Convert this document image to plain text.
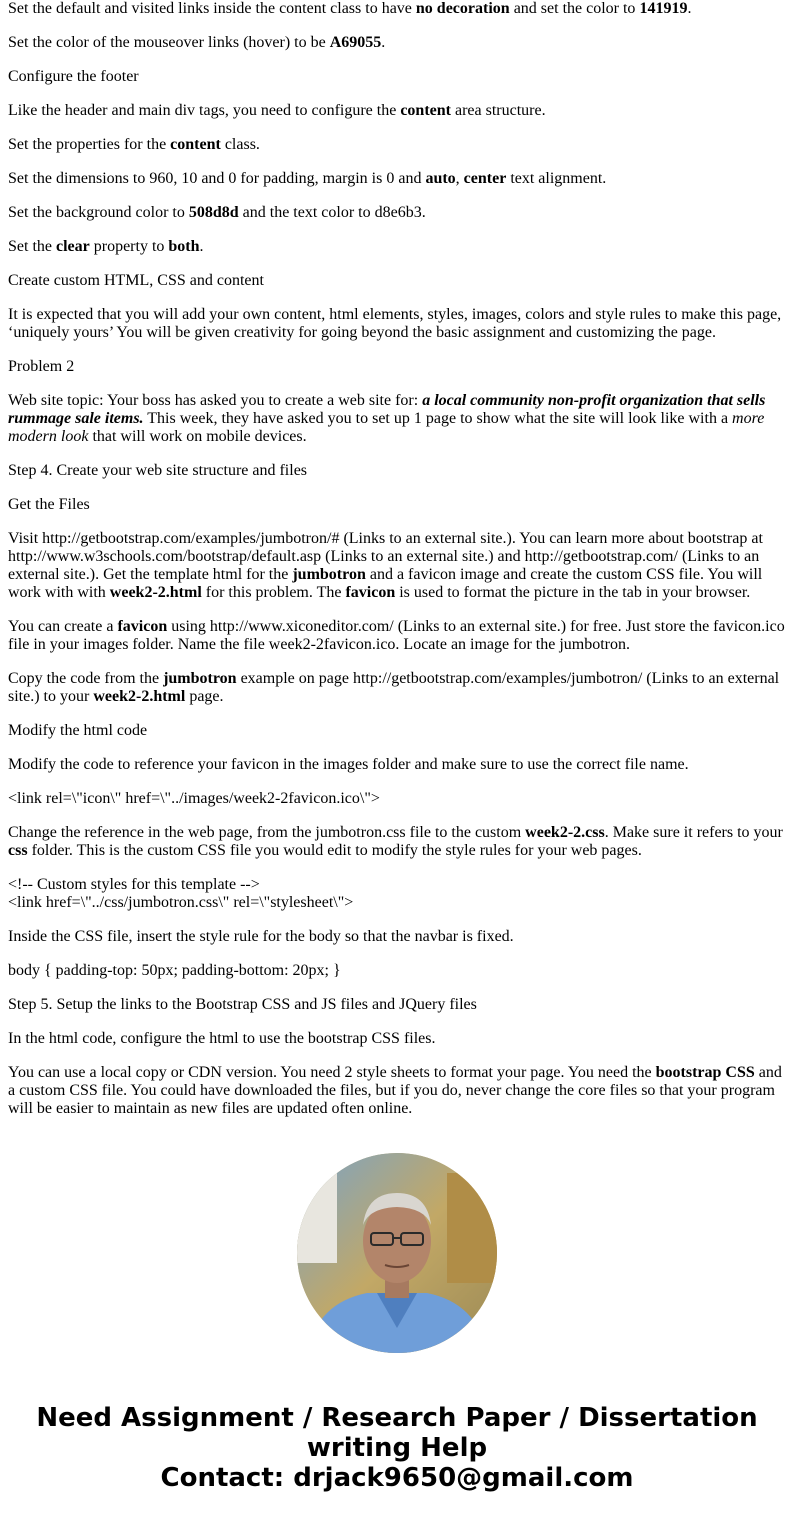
Set the default and visited links inside the content class to have no decoration and set the color to 141919.
Set the color of the mouseover links (hover) to be A69055.
Configure the footer
Like the header and main div tags, you need to configure the content area structure.
Set the properties for the content class.
Set the dimensions to 960, 10 and 0 for padding, margin is 0 and auto, center text alignment.
Set the background color to 508d8d and the text color to d8e6b3.
Set the clear property to both.
Create custom HTML, CSS and content
It is expected that you will add your own content, html elements, styles, images, colors and style rules to make this page, ‘uniquely yours’ You will be given creativity for going beyond the basic assignment and customizing the page.
Problem 2
Web site topic: Your boss has asked you to create a web site for: a local community non-profit organization that sells rummage sale items. This week, they have asked you to set up 1 page to show what the site will look like with a more modern look that will work on mobile devices.
Step 4. Create your web site structure and files
Get the Files
Visit http://getbootstrap.com/examples/jumbotron/# (Links to an external site.). You can learn more about bootstrap at http://www.w3schools.com/bootstrap/default.asp (Links to an external site.) and http://getbootstrap.com/ (Links to an external site.). Get the template html for the jumbotron and a favicon image and create the custom CSS file. You will work with with week2-2.html for this problem. The favicon is used to format the picture in the tab in your browser.
You can create a favicon using http://www.xiconeditor.com/ (Links to an external site.) for free. Just store the favicon.ico file in your images folder. Name the file week2-2favicon.ico. Locate an image for the jumbotron.
Copy the code from the jumbotron example on page http://getbootstrap.com/examples/jumbotron/ (Links to an external site.) to your week2-2.html page.
Modify the html code
Modify the code to reference your favicon in the images folder and make sure to use the correct file name.
<link rel=\"icon\" href=\"../images/week2-2favicon.ico\">
Change the reference in the web page, from the jumbotron.css file to the custom week2-2.css. Make sure it refers to your css folder. This is the custom CSS file you would edit to modify the style rules for your web pages.
<!-- Custom styles for this template -->
<link href=\"../css/jumbotron.css\" rel=\"stylesheet\">
Inside the CSS file, insert the style rule for the body so that the navbar is fixed.
body { padding-top: 50px; padding-bottom: 20px; }
Step 5. Setup the links to the Bootstrap CSS and JS files and JQuery files
In the html code, configure the html to use the bootstrap CSS files.
You can use a local copy or CDN version. You need 2 style sheets to format your page. You need the bootstrap CSS and a custom CSS file. You could have downloaded the files, but if you do, never change the core files so that your program will be easier to maintain as new files are updated often online.
Need Assignment / Research Paper / Dissertation writing Help
Contact: drjack9650@gmail.com
